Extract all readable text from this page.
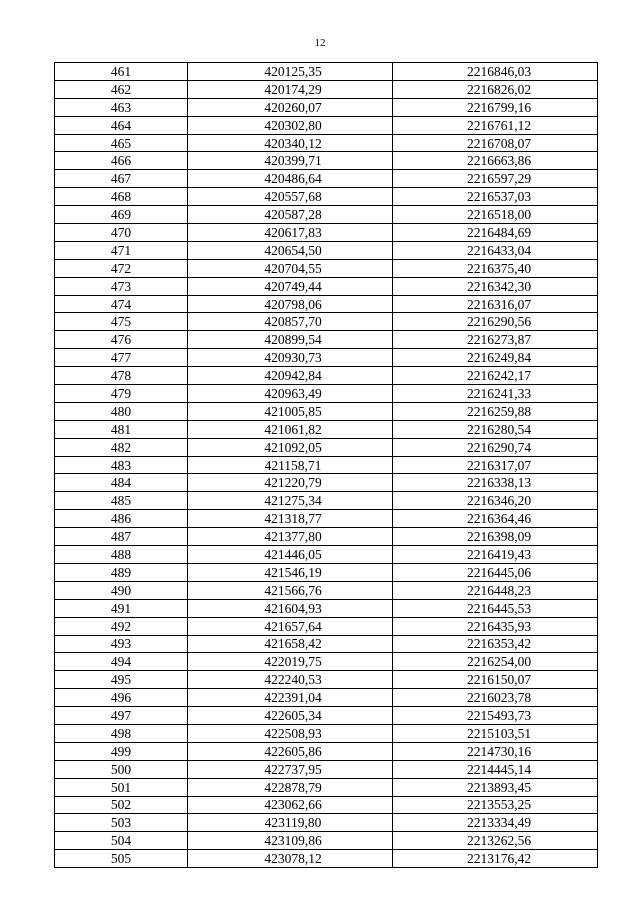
12
461	420125,35	2216846,03
462	420174,29	2216826,02
463	420260,07	2216799,16
464	420302,80	2216761,12
465	420340,12	2216708,07
466	420399,71	2216663,86
467	420486,64	2216597,29
468	420557,68	2216537,03
469	420587,28	2216518,00
470	420617,83	2216484,69
471	420654,50	2216433,04
472	420704,55	2216375,40
473	420749,44	2216342,30
474	420798,06	2216316,07
475	420857,70	2216290,56
476	420899,54	2216273,87
477	420930,73	2216249,84
478	420942,84	2216242,17
479	420963,49	2216241,33
480	421005,85	2216259,88
481	421061,82	2216280,54
482	421092,05	2216290,74
483	421158,71	2216317,07
484	421220,79	2216338,13
485	421275,34	2216346,20
486	421318,77	2216364,46
487	421377,80	2216398,09
488	421446,05	2216419,43
489	421546,19	2216445,06
490	421566,76	2216448,23
491	421604,93	2216445,53
492	421657,64	2216435,93
493	421658,42	2216353,42
494	422019,75	2216254,00
495	422240,53	2216150,07
496	422391,04	2216023,78
497	422605,34	2215493,73
498	422508,93	2215103,51
499	422605,86	2214730,16
500	422737,95	2214445,14
501	422878,79	2213893,45
502	423062,66	2213553,25
503	423119,80	2213334,49
504	423109,86	2213262,56
505	423078,12	2213176,42
